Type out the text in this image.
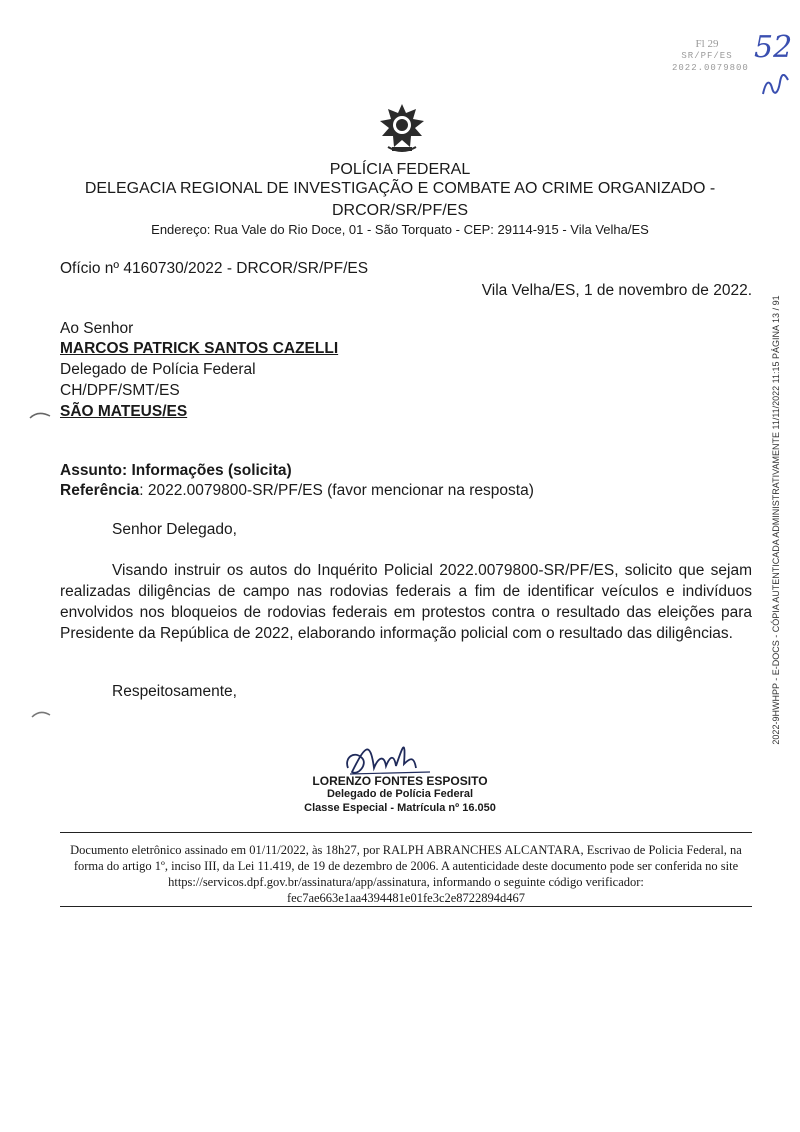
Fl 29
SR/PF/ES
2022.0079800
52
POLÍCIA FEDERAL
DELEGACIA REGIONAL DE INVESTIGAÇÃO E COMBATE AO CRIME ORGANIZADO -
DRCOR/SR/PF/ES
Endereço: Rua Vale do Rio Doce, 01 - São Torquato - CEP: 29114-915 - Vila Velha/ES
Ofício nº 4160730/2022 - DRCOR/SR/PF/ES
Vila Velha/ES, 1 de novembro de 2022.
Ao Senhor
MARCOS PATRICK SANTOS CAZELLI
Delegado de Polícia Federal
CH/DPF/SMT/ES
SÃO MATEUS/ES
Assunto: Informações (solicita)
Referência: 2022.0079800-SR/PF/ES (favor mencionar na resposta)
Senhor Delegado,
Visando instruir os autos do Inquérito Policial 2022.0079800-SR/PF/ES, solicito que sejam realizadas diligências de campo nas rodovias federais a fim de identificar veículos e indivíduos envolvidos nos bloqueios de rodovias federais em protestos contra o resultado das eleições para Presidente da República de 2022, elaborando informação policial com o resultado das diligências.
Respeitosamente,
LORENZO FONTES ESPOSITO
Delegado de Polícia Federal
Classe Especial - Matrícula nº 16.050
Documento eletrônico assinado em 01/11/2022, às 18h27, por RALPH ABRANCHES ALCANTARA, Escrivao de Policia Federal, na forma do artigo 1º, inciso III, da Lei 11.419, de 19 de dezembro de 2006. A autenticidade deste documento pode ser conferida no site https://servicos.dpf.gov.br/assinatura/app/assinatura, informando o seguinte código verificador: fec7ae663e1aa4394481e01fe3c2e8722894d467
2022-9HWHPP - E-DOCS - CÓPIA AUTENTICADA ADMINISTRATIVAMENTE 11/11/2022 11:15 PÁGINA 13 / 91
